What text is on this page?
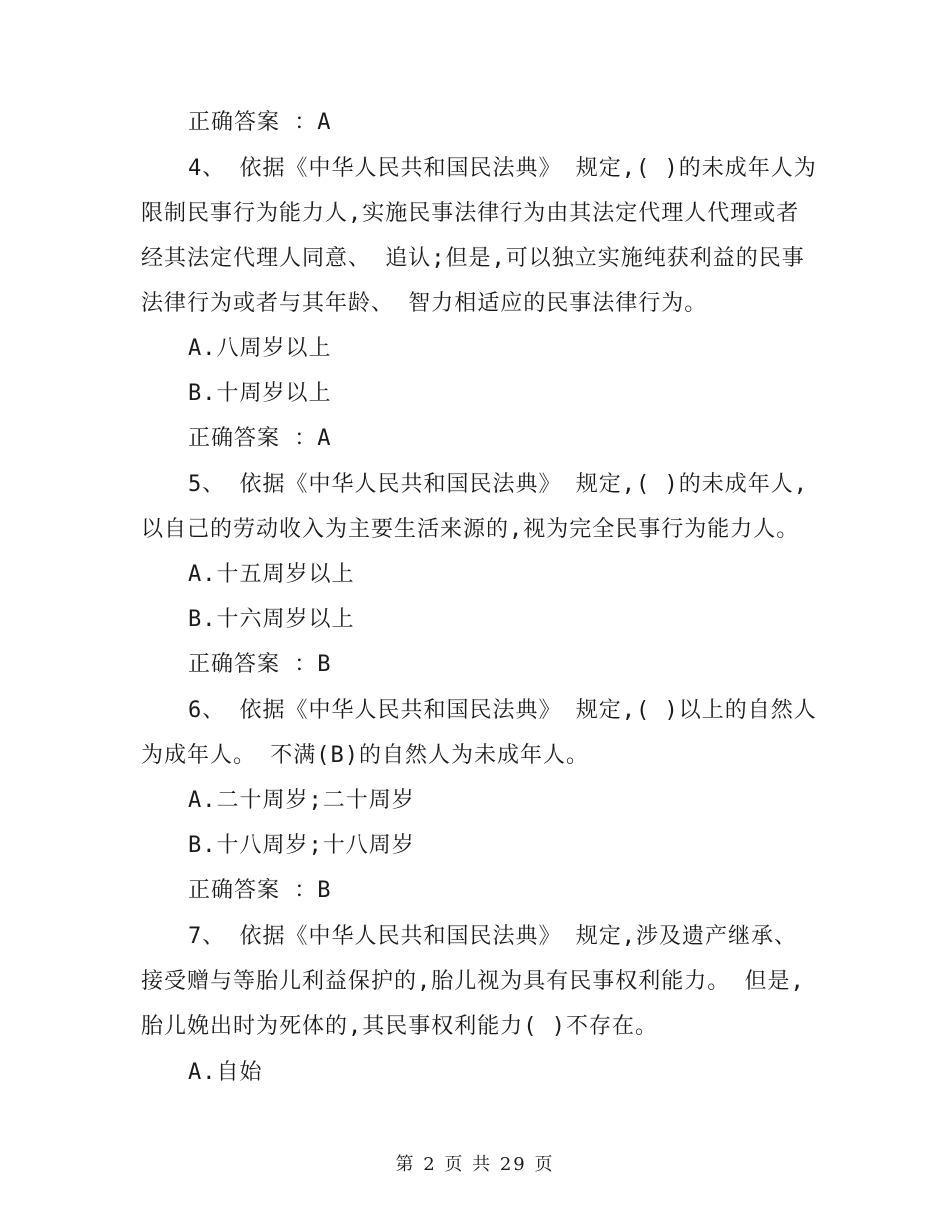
正确答案 ：A
4、 依据《中华人民共和国民法典》 规定,( )的未成年人为
限制民事行为能力人,实施民事法律行为由其法定代理人代理或者
经其法定代理人同意、 追认;但是,可以独立实施纯获利益的民事
法律行为或者与其年龄、 智力相适应的民事法律行为。
A.八周岁以上
B.十周岁以上
正确答案 ：A
5、 依据《中华人民共和国民法典》 规定,( )的未成年人,
以自己的劳动收入为主要生活来源的,视为完全民事行为能力人。
A.十五周岁以上
B.十六周岁以上
正确答案 ：B
6、 依据《中华人民共和国民法典》 规定,( )以上的自然人
为成年人。 不满(B)的自然人为未成年人。
A.二十周岁;二十周岁
B.十八周岁;十八周岁
正确答案 ：B
7、 依据《中华人民共和国民法典》 规定,涉及遗产继承、
接受赠与等胎儿利益保护的,胎儿视为具有民事权利能力。 但是,
胎儿娩出时为死体的,其民事权利能力( )不存在。
A.自始
第 2 页 共 29 页
